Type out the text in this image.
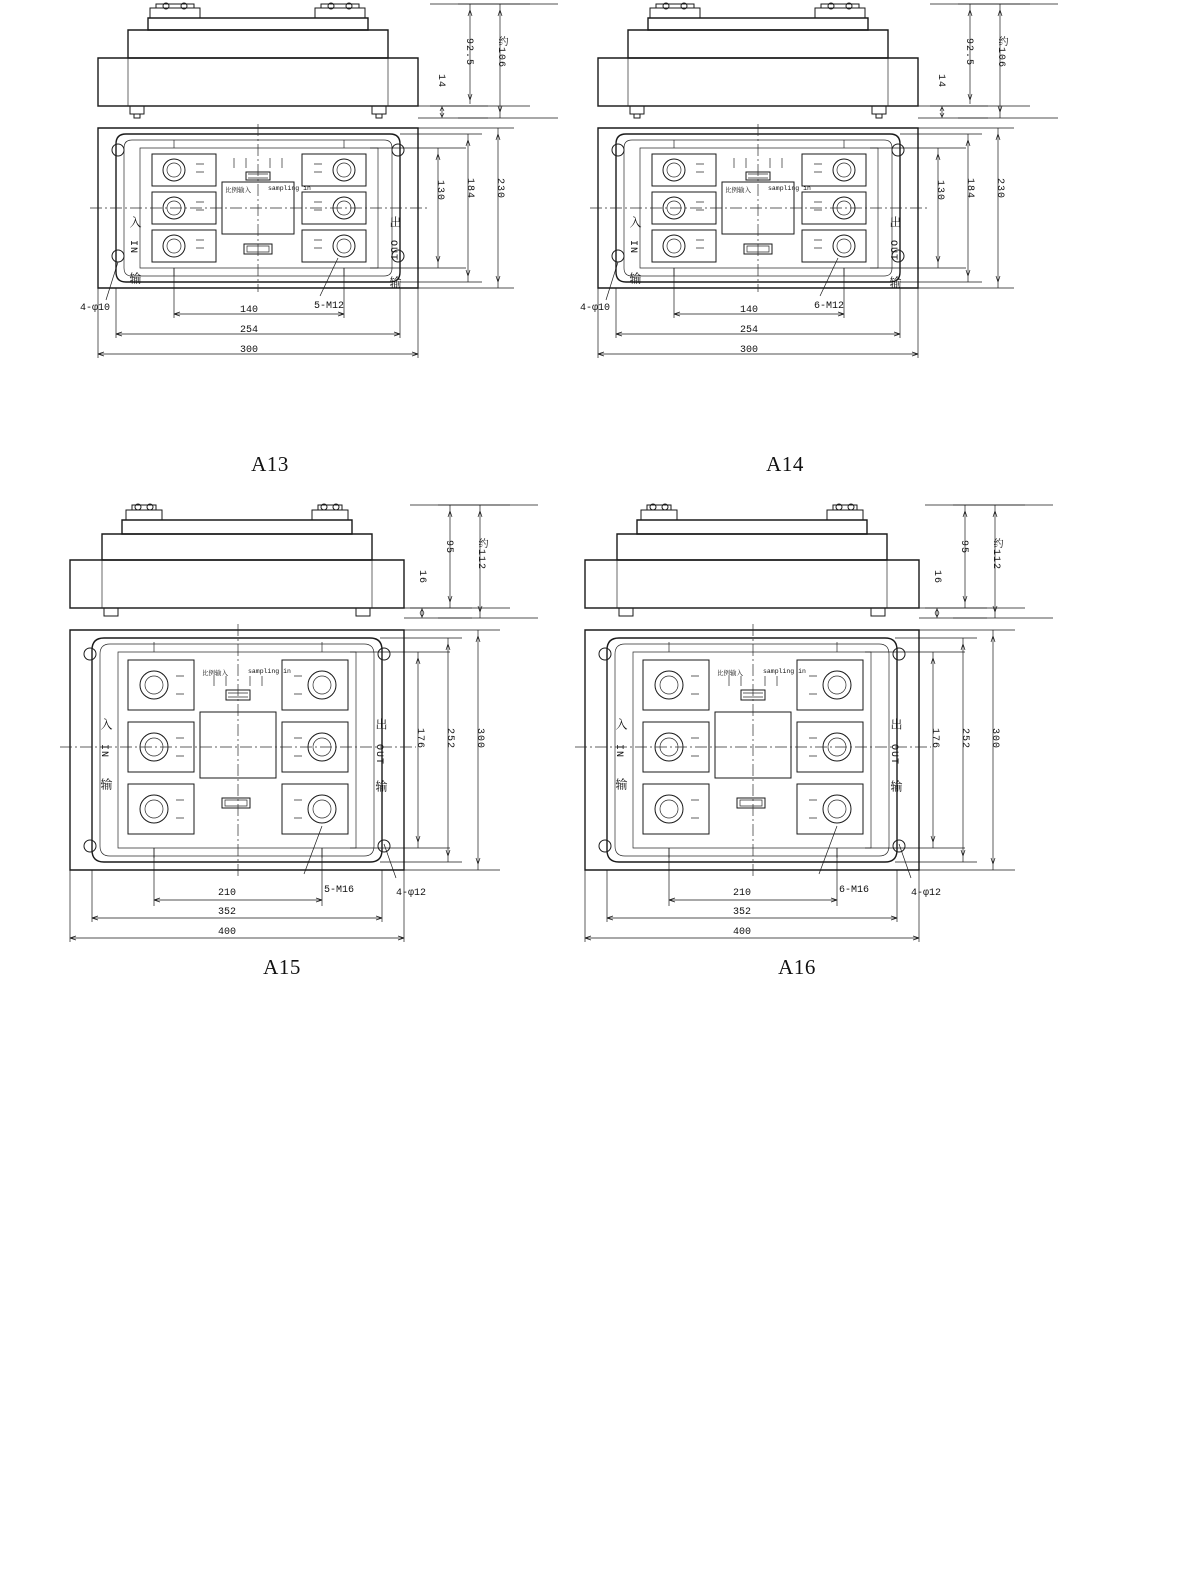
14
92.5 约106
入
IN
输
出
OUT
输
比例输入	sampling in	130 184 230
140
254
300
4-φ10	5-M12
14
92.5 约106
入
IN
输
出
OUT
输
比例输入	sampling in	130 184 230
140
254
300
4-φ10	6-M12
16
95 约112
入
IN
输
出
OUT
输
比例输入	sampling in
176 252 300
210
352
400
5-M16	4-φ12
A15
16
95 约112
入
IN
输
出
OUT
输
比例输入	sampling in
176 252 300
210
352
400
6-M16	4-φ12
A16
A13	A14
